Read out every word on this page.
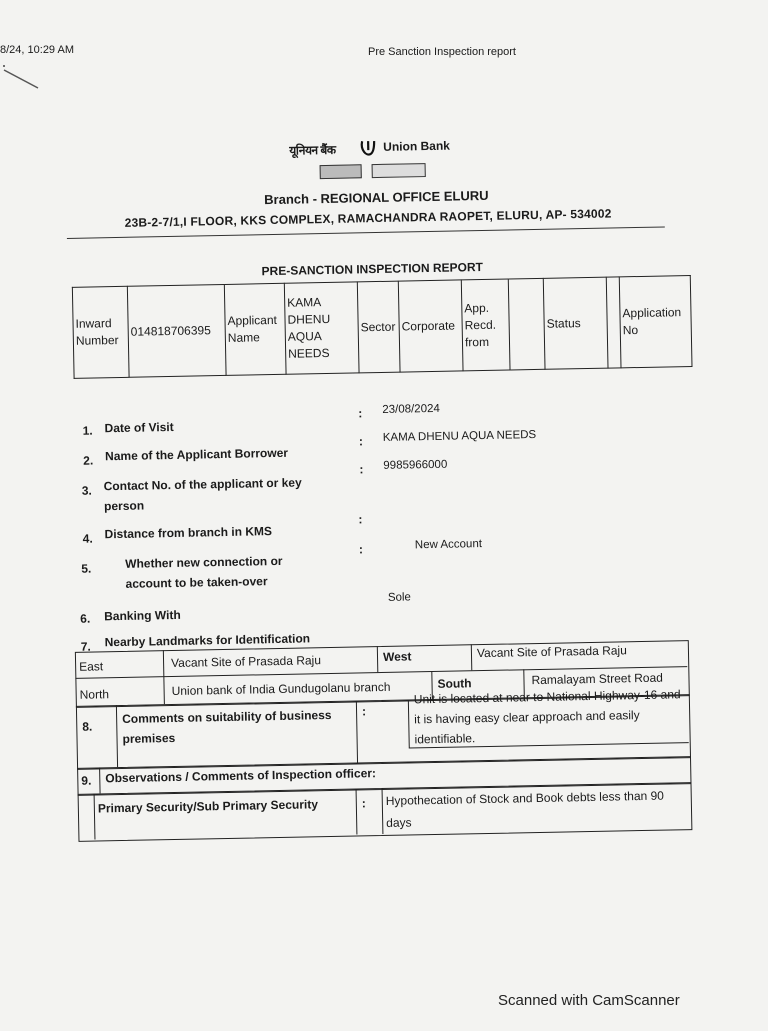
8/24, 10:29 AM	Pre Sanction Inspection report
यूनियन बैंक	Union Bank
Branch - REGIONAL OFFICE ELURU
23B-2-7/1,I FLOOR, KKS COMPLEX, RAMACHANDRA RAOPET, ELURU, AP- 534002
PRE-SANCTION INSPECTION REPORT
Inward Number	014818706395	Applicant Name	KAMA DHENU AQUA NEEDS	Sector	Corporate	App. Recd. from		Status		Application No
1. Date of Visit
: 23/08/2024
2. Name of the Applicant Borrower
: KAMA DHENU AQUA NEEDS
3. Contact No. of the applicant or key
person
: 9985966000
4. Distance from branch in KMS
:
5.	Whether new connection or
account to be taken-over
:	New Account
6. Banking With
Sole
7. Nearby Landmarks for Identification
East	Vacant Site of Prasada Raju	West	Vacant Site of Prasada Raju
North	Union bank of India Gundugolanu branch	South	Ramalayam Street Road
8.
Comments on suitability of business premises
:
Unit is located at near to National Highway-16 and it is having easy clear approach and easily identifiable.
9. Observations / Comments of Inspection officer:
Primary Security/Sub Primary Security	: Hypothecation of Stock and Book debts less than 90 days
Scanned with CamScanner
